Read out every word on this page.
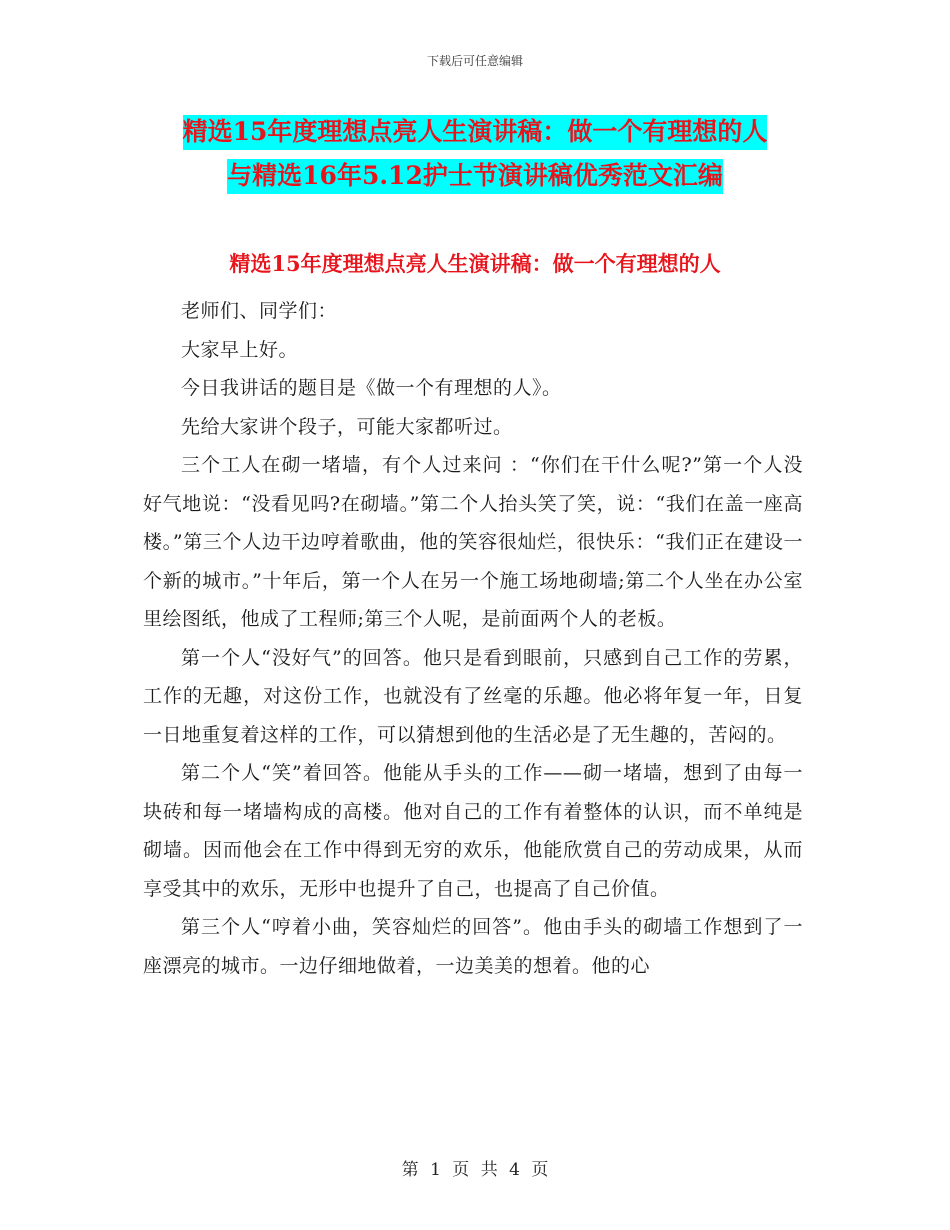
下载后可任意编辑
精选15年度理想点亮人生演讲稿：做一个有理想的人
与精选16年5.12护士节演讲稿优秀范文汇编
精选15年度理想点亮人生演讲稿：做一个有理想的人

老师们、同学们：

大家早上好。

今日我讲话的题目是《做一个有理想的人》。

先给大家讲个段子，可能大家都听过。

三个工人在砌一堵墙，有个人过来问 ：“你们在干什么呢?”第一个人没好气地说：“没看见吗?在砌墙。”第二个人抬头笑了笑，说：“我们在盖一座高楼。”第三个人边干边哼着歌曲，他的笑容很灿烂，很快乐：“我们正在建设一个新的城市。”十年后，第一个人在另一个施工场地砌墙;第二个人坐在办公室里绘图纸，他成了工程师;第三个人呢，是前面两个人的老板。

第一个人“没好气”的回答。他只是看到眼前，只感到自己工作的劳累，工作的无趣，对这份工作，也就没有了丝毫的乐趣。他必将年复一年，日复一日地重复着这样的工作，可以猜想到他的生活必是了无生趣的，苦闷的。

第二个人“笑”着回答。他能从手头的工作——砌一堵墙，想到了由每一块砖和每一堵墙构成的高楼。他对自己的工作有着整体的认识，而不单纯是砌墙。因而他会在工作中得到无穷的欢乐，他能欣赏自己的劳动成果，从而享受其中的欢乐，无形中也提升了自己，也提高了自己价值。

第三个人“哼着小曲，笑容灿烂的回答”。他由手头的砌墙工作想到了一座漂亮的城市。一边仔细地做着，一边美美的想着。他的心

第 1 页 共 4 页
